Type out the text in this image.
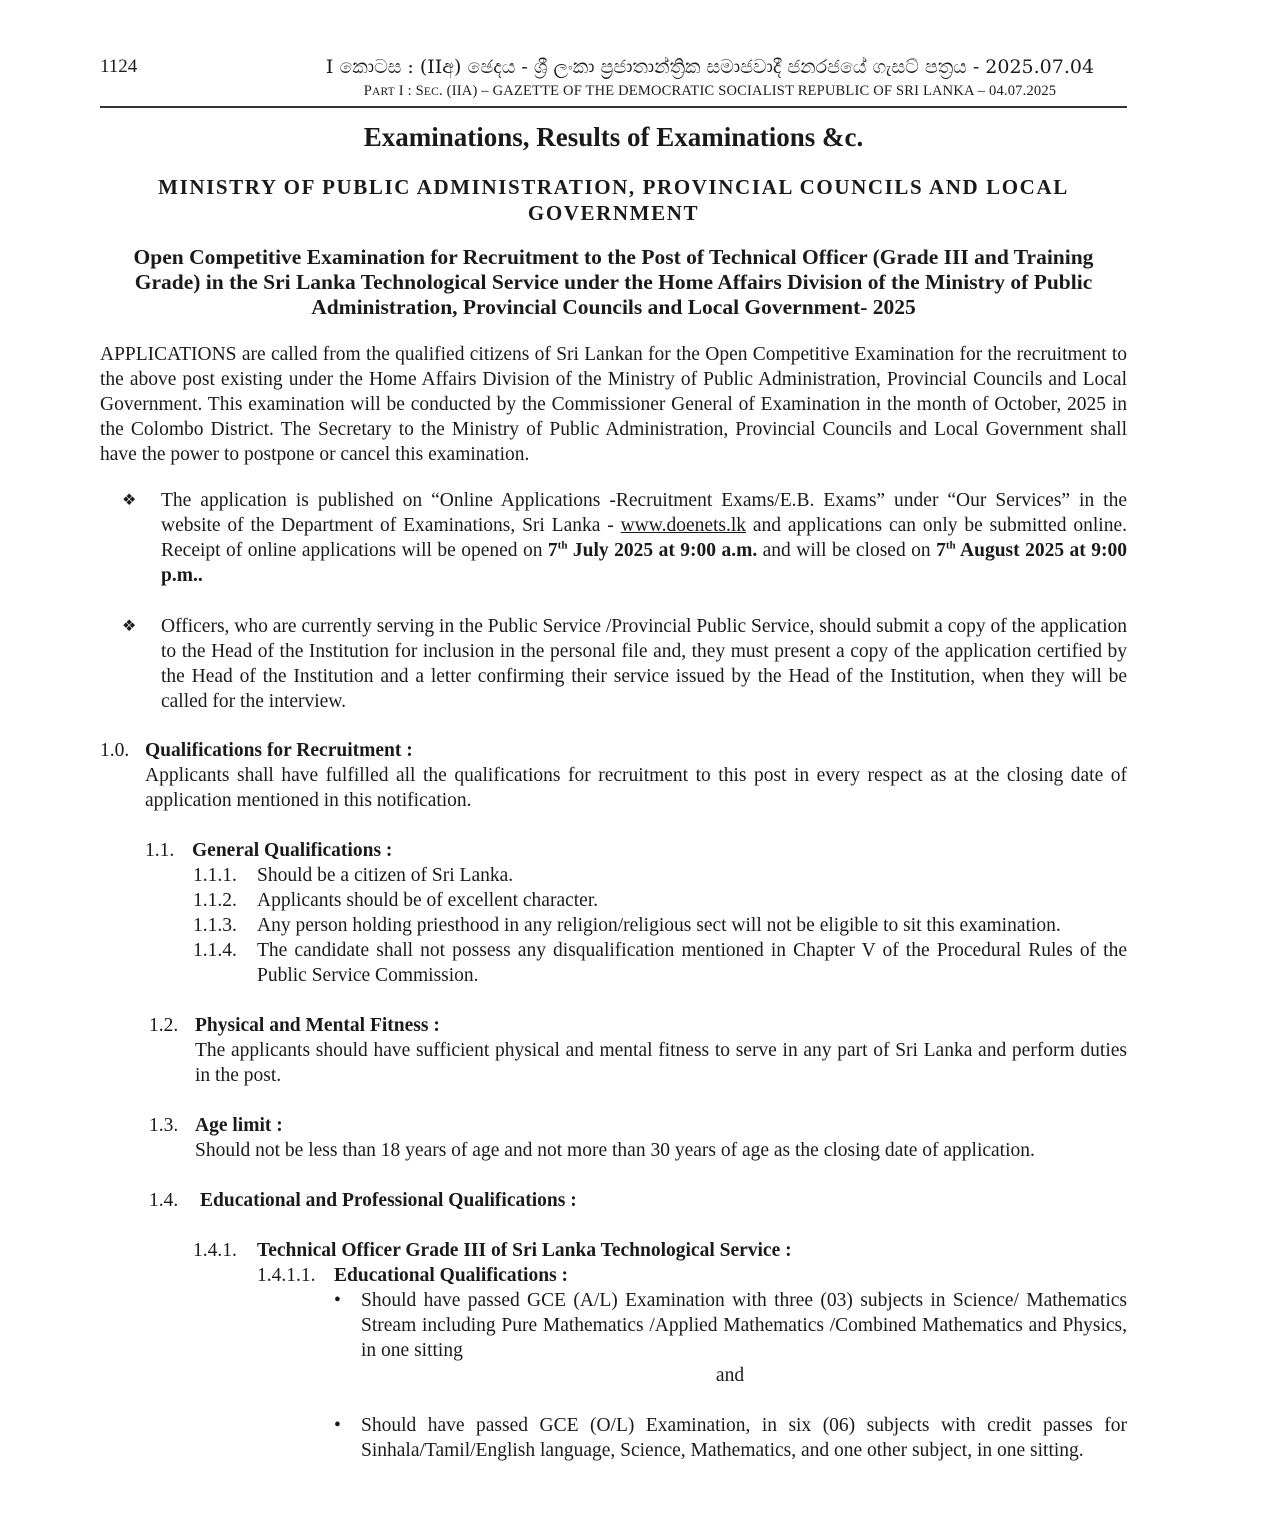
1124	I කොටස : (IIඅ) ඡෙදය - ශ්‍රී ලංකා ප්‍රජාතාන්ත්‍රික සමාජවාදී ජනරජයේ ගැසට් පත්‍රය - 2025.07.04
PART I : SEC. (IIA) – GAZETTE OF THE DEMOCRATIC SOCIALIST REPUBLIC OF SRI LANKA – 04.07.2025
Examinations, Results of Examinations &c.
MINISTRY OF PUBLIC ADMINISTRATION, PROVINCIAL COUNCILS AND LOCAL GOVERNMENT
Open Competitive Examination for Recruitment to the Post of Technical Officer (Grade III and Training Grade) in the Sri Lanka Technological Service under the Home Affairs Division of the Ministry of Public Administration, Provincial Councils and Local Government- 2025
APPLICATIONS are called from the qualified citizens of Sri Lankan for the Open Competitive Examination for the recruitment to the above post existing under the Home Affairs Division of the Ministry of Public Administration, Provincial Councils and Local Government. This examination will be conducted by the Commissioner General of Examination in the month of October, 2025 in the Colombo District. The Secretary to the Ministry of Public Administration, Provincial Councils and Local Government shall have the power to postpone or cancel this examination.
❖ The application is published on “Online Applications -Recruitment Exams/E.B. Exams” under “Our Services” in the website of the Department of Examinations, Sri Lanka - www.doenets.lk and applications can only be submitted online. Receipt of online applications will be opened on 7th July 2025 at 9:00 a.m. and will be closed on 7th August 2025 at 9:00 p.m..
❖ Officers, who are currently serving in the Public Service /Provincial Public Service, should submit a copy of the application to the Head of the Institution for inclusion in the personal file and, they must present a copy of the application certified by the Head of the Institution and a letter confirming their service issued by the Head of the Institution, when they will be called for the interview.
1.0. Qualifications for Recruitment :
Applicants shall have fulfilled all the qualifications for recruitment to this post in every respect as at the closing date of application mentioned in this notification.
1.1. General Qualifications :
1.1.1. Should be a citizen of Sri Lanka.
1.1.2. Applicants should be of excellent character.
1.1.3. Any person holding priesthood in any religion/religious sect will not be eligible to sit this examination.
1.1.4. The candidate shall not possess any disqualification mentioned in Chapter V of the Procedural Rules of the Public Service Commission.
1.2. Physical and Mental Fitness :
The applicants should have sufficient physical and mental fitness to serve in any part of Sri Lanka and perform duties in the post.
1.3. Age limit :
Should not be less than 18 years of age and not more than 30 years of age as the closing date of application.
1.4. Educational and Professional Qualifications :
1.4.1. Technical Officer Grade III of Sri Lanka Technological Service :
1.4.1.1. Educational Qualifications :
• Should have passed GCE (A/L) Examination with three (03) subjects in Science/ Mathematics Stream including Pure Mathematics /Applied Mathematics /Combined Mathematics and Physics, in one sitting
and
• Should have passed GCE (O/L) Examination, in six (06) subjects with credit passes for Sinhala/Tamil/English language, Science, Mathematics, and one other subject, in one sitting.
